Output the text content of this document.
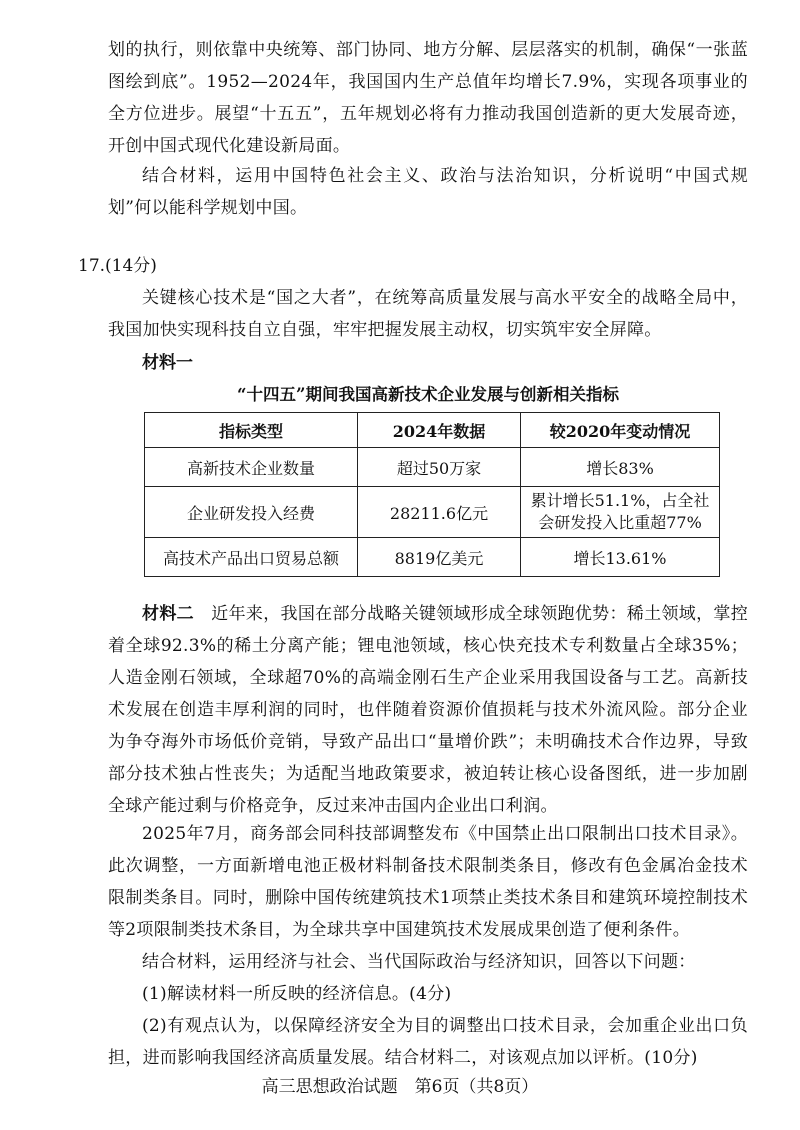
划的执行，则依靠中央统筹、部门协同、地方分解、层层落实的机制，确保“一张蓝图绘到底”。1952—2024年，我国国内生产总值年均增长7.9%，实现各项事业的全方位进步。展望“十五五”，五年规划必将有力推动我国创造新的更大发展奇迹，开创中国式现代化建设新局面。

结合材料，运用中国特色社会主义、政治与法治知识，分析说明“中国式规划”何以能科学规划中国。

17.(14分)

关键核心技术是“国之大者”，在统筹高质量发展与高水平安全的战略全局中，我国加快实现科技自立自强，牢牢把握发展主动权，切实筑牢安全屏障。

材料一
“十四五”期间我国高新技术企业发展与创新相关指标
指标类型	2024年数据	较2020年变动情况
高新技术企业数量	超过50万家	增长83%
企业研发投入经费	28211.6亿元	累计增长51.1%，占全社会研发投入比重超77%
高技术产品出口贸易总额	8819亿美元	增长13.61%

材料二　 近年来，我国在部分战略关键领域形成全球领跑优势：稀土领域，掌控着全球92.3%的稀土分离产能；锂电池领域，核心快充技术专利数量占全球35%；人造金刚石领域，全球超70%的高端金刚石生产企业采用我国设备与工艺。高新技术发展在创造丰厚利润的同时，也伴随着资源价值损耗与技术外流风险。部分企业为争夺海外市场低价竞销，导致产品出口“量增价跌”；未明确技术合作边界，导致部分技术独占性丧失；为适配当地政策要求，被迫转让核心设备图纸，进一步加剧全球产能过剩与价格竞争，反过来冲击国内企业出口利润。

2025年7月，商务部会同科技部调整发布《中国禁止出口限制出口技术目录》。此次调整，一方面新增电池正极材料制备技术限制类条目，修改有色金属冶金技术限制类条目。同时，删除中国传统建筑技术1项禁止类技术条目和建筑环境控制技术等2项限制类技术条目，为全球共享中国建筑技术发展成果创造了便利条件。

结合材料，运用经济与社会、当代国际政治与经济知识，回答以下问题：

(1)解读材料一所反映的经济信息。(4分)

(2)有观点认为，以保障经济安全为目的调整出口技术目录，会加重企业出口负担，进而影响我国经济高质量发展。结合材料二，对该观点加以评析。(10分)

高三思想政治试题　第6页（共8页）
